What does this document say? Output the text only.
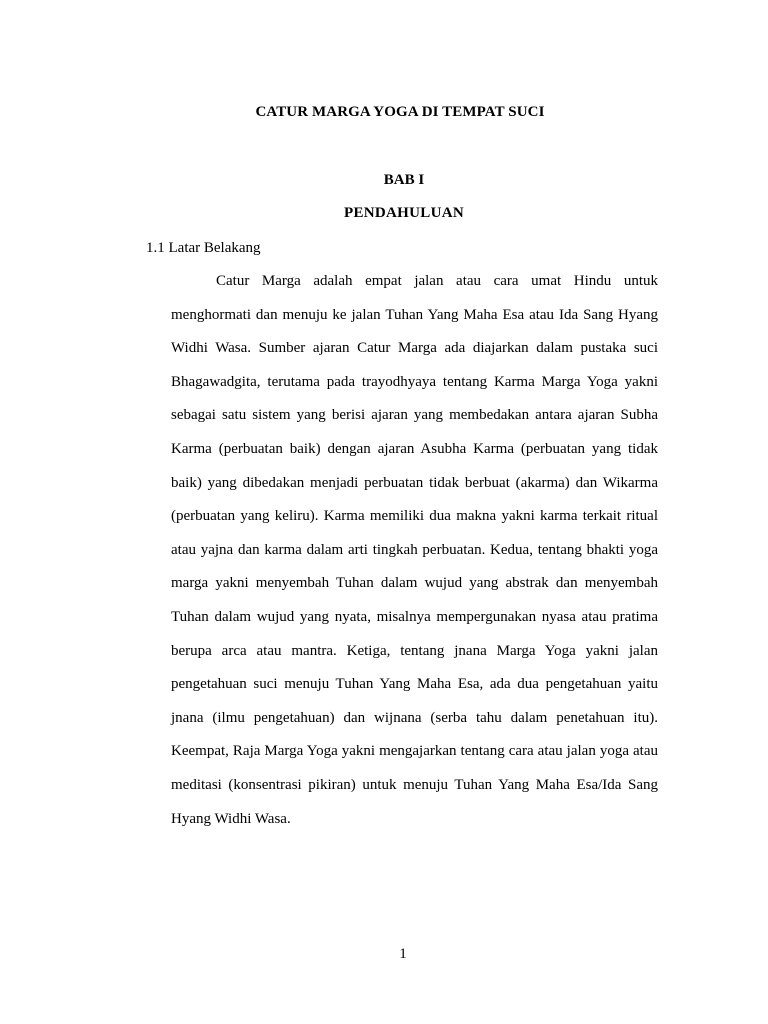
CATUR MARGA YOGA DI TEMPAT SUCI
BAB I
PENDAHULUAN
1.1 Latar Belakang

Catur Marga adalah empat jalan atau cara umat Hindu untuk menghormati dan menuju ke jalan Tuhan Yang Maha Esa atau Ida Sang Hyang Widhi Wasa. Sumber ajaran Catur Marga ada diajarkan dalam pustaka suci Bhagawadgita, terutama pada trayodhyaya tentang Karma Marga Yoga yakni sebagai satu sistem yang berisi ajaran yang membedakan antara ajaran Subha Karma (perbuatan baik) dengan ajaran Asubha Karma (perbuatan yang tidak baik) yang dibedakan menjadi perbuatan tidak berbuat (akarma) dan Wikarma (perbuatan yang keliru). Karma memiliki dua makna yakni karma terkait ritual atau yajna dan karma dalam arti tingkah perbuatan. Kedua, tentang bhakti yoga marga yakni menyembah Tuhan dalam wujud yang abstrak dan menyembah Tuhan dalam wujud yang nyata, misalnya mempergunakan nyasa atau pratima berupa arca atau mantra. Ketiga, tentang jnana Marga Yoga yakni jalan pengetahuan suci menuju Tuhan Yang Maha Esa, ada dua pengetahuan yaitu jnana (ilmu pengetahuan) dan wijnana (serba tahu dalam penetahuan itu). Keempat, Raja Marga Yoga yakni mengajarkan tentang cara atau jalan yoga atau meditasi (konsentrasi pikiran) untuk menuju Tuhan Yang Maha Esa/Ida Sang Hyang Widhi Wasa.

1
